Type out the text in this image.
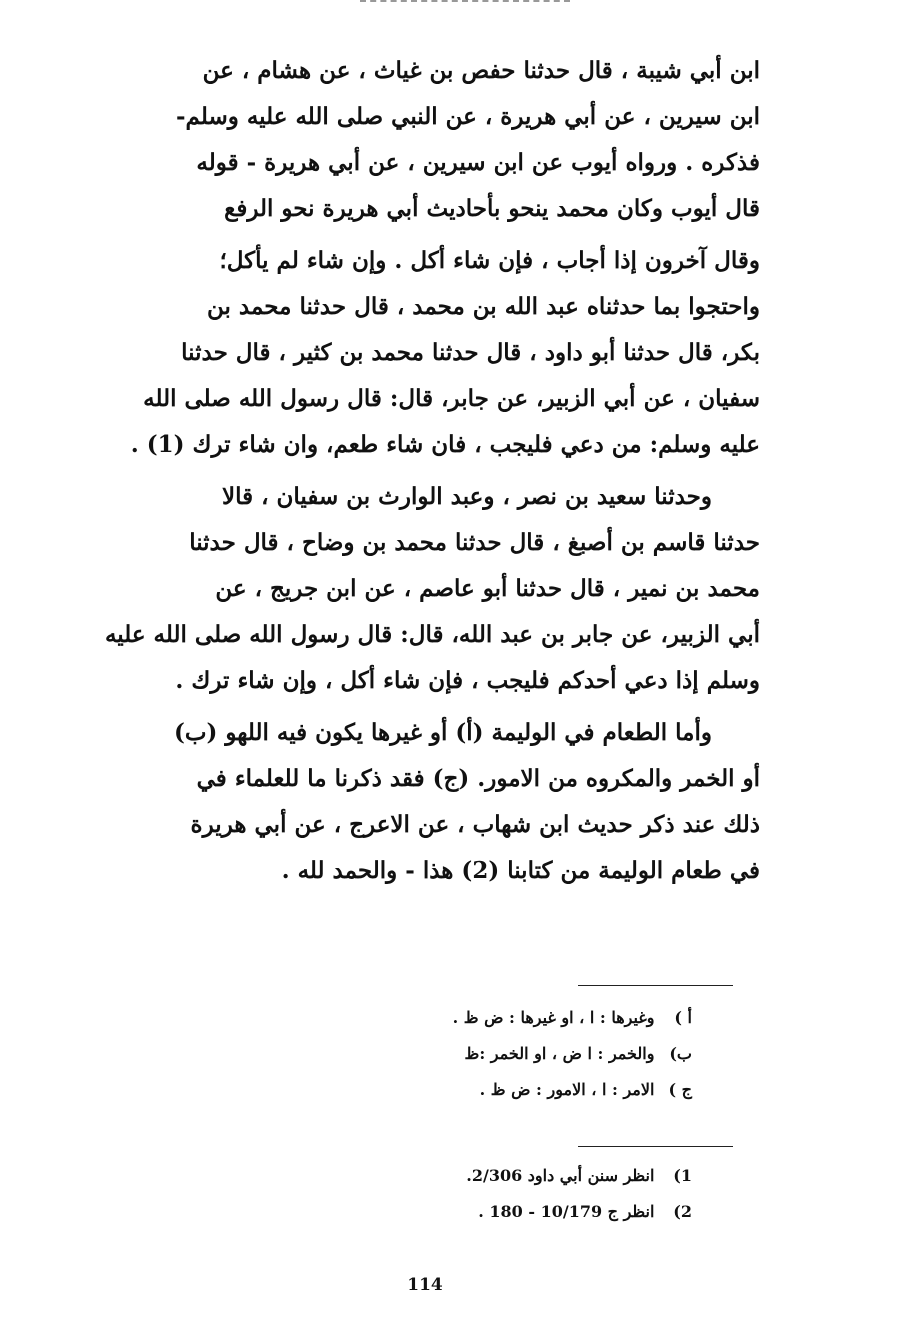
ابن أبي شيبة ، قال حدثنا حفص بن غياث ، عن هشام ، عن
ابن سيرين ، عن أبي هريرة ، عن النبي صلى الله عليه وسلم-
فذكره . ورواه أيوب عن ابن سيرين ، عن أبي هريرة - قوله
قال أيوب وكان محمد ينحو بأحاديث أبي هريرة نحو الرفع
وقال آخرون إذا أجاب ، فإن شاء أكل . وإن شاء لم يأكل؛
واحتجوا بما حدثناه عبد الله بن محمد ، قال حدثنا محمد بن
بكر، قال حدثنا أبو داود ، قال حدثنا محمد بن كثير ، قال حدثنا
سفيان ، عن أبي الزبير، عن جابر، قال: قال رسول الله صلى الله
عليه وسلم: من دعي فليجب ، فان شاء طعم، وان شاء ترك (1) .
وحدثنا سعيد بن نصر ، وعبد الوارث بن سفيان ، قالا
حدثنا قاسم بن أصبغ ، قال حدثنا محمد بن وضاح ، قال حدثنا
محمد بن نمير ، قال حدثنا أبو عاصم ، عن ابن جريج ، عن
أبي الزبير، عن جابر بن عبد الله، قال: قال رسول الله صلى الله عليه
وسلم إذا دعي أحدكم فليجب ، فإن شاء أكل ، وإن شاء ترك .
وأما الطعام في الوليمة (أ) أو غيرها يكون فيه اللهو (ب)
أو الخمر والمكروه من الامور. (ج) فقد ذكرنا ما للعلماء في
ذلك عند ذكر حديث ابن شهاب ، عن الاعرج ، عن أبي هريرة
في طعام الوليمة من كتابنا (2) هذا - والحمد لله .
أ ) وغيرها : ا ، او غيرها : ض ظ .
ب) والخمر : ا ض ، او الخمر :ظ
ج ) الامر : ا ، الامور : ض ظ .
1) انظر سنن أبي داود 2/306.
2) انظر ج 10/179 - 180 .
114
